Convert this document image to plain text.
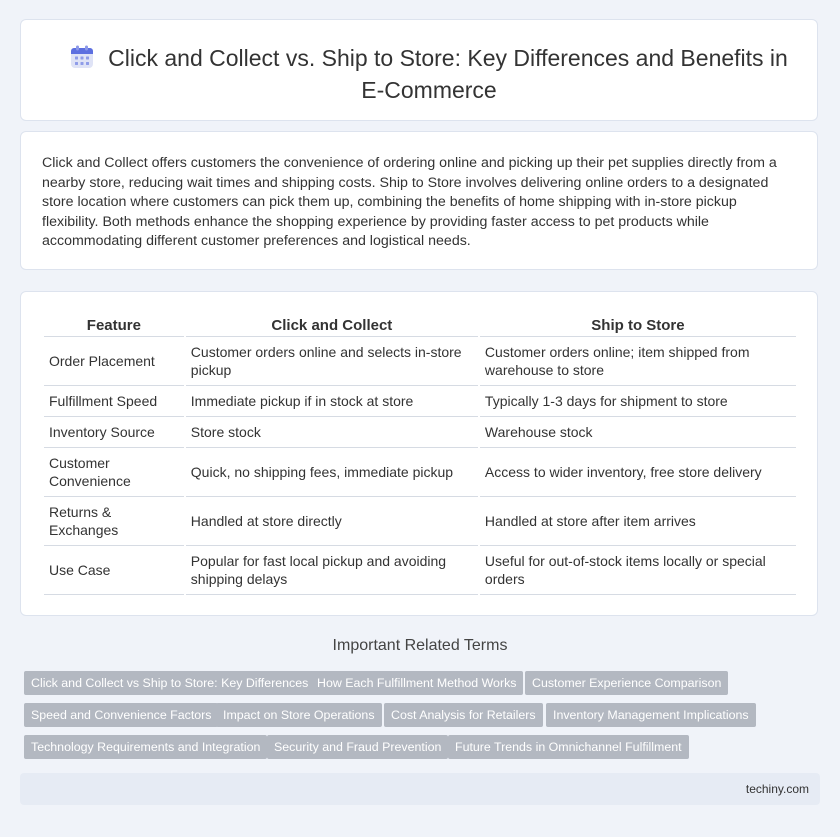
Click and Collect vs. Ship to Store: Key Differences and Benefits in E-Commerce
Click and Collect offers customers the convenience of ordering online and picking up their pet supplies directly from a nearby store, reducing wait times and shipping costs. Ship to Store involves delivering online orders to a designated store location where customers can pick them up, combining the benefits of home shipping with in-store pickup flexibility. Both methods enhance the shopping experience by providing faster access to pet products while accommodating different customer preferences and logistical needs.
Feature	Click and Collect	Ship to Store
Order Placement	Customer orders online and selects in-store pickup	Customer orders online; item shipped from warehouse to store
Fulfillment Speed	Immediate pickup if in stock at store	Typically 1-3 days for shipment to store
Inventory Source	Store stock	Warehouse stock
Customer Convenience	Quick, no shipping fees, immediate pickup	Access to wider inventory, free store delivery
Returns & Exchanges	Handled at store directly	Handled at store after item arrives
Use Case	Popular for fast local pickup and avoiding shipping delays	Useful for out-of-stock items locally or special orders
Important Related Terms
Click and Collect vs Ship to Store: Key Differences How Each Fulfillment Method Works	Customer Experience Comparison
Speed and Convenience Factors Impact on Store Operations	Cost Analysis for Retailers	Inventory Management Implications
Technology Requirements and Integration	Security and Fraud Prevention	Future Trends in Omnichannel Fulfillment
techiny.com
